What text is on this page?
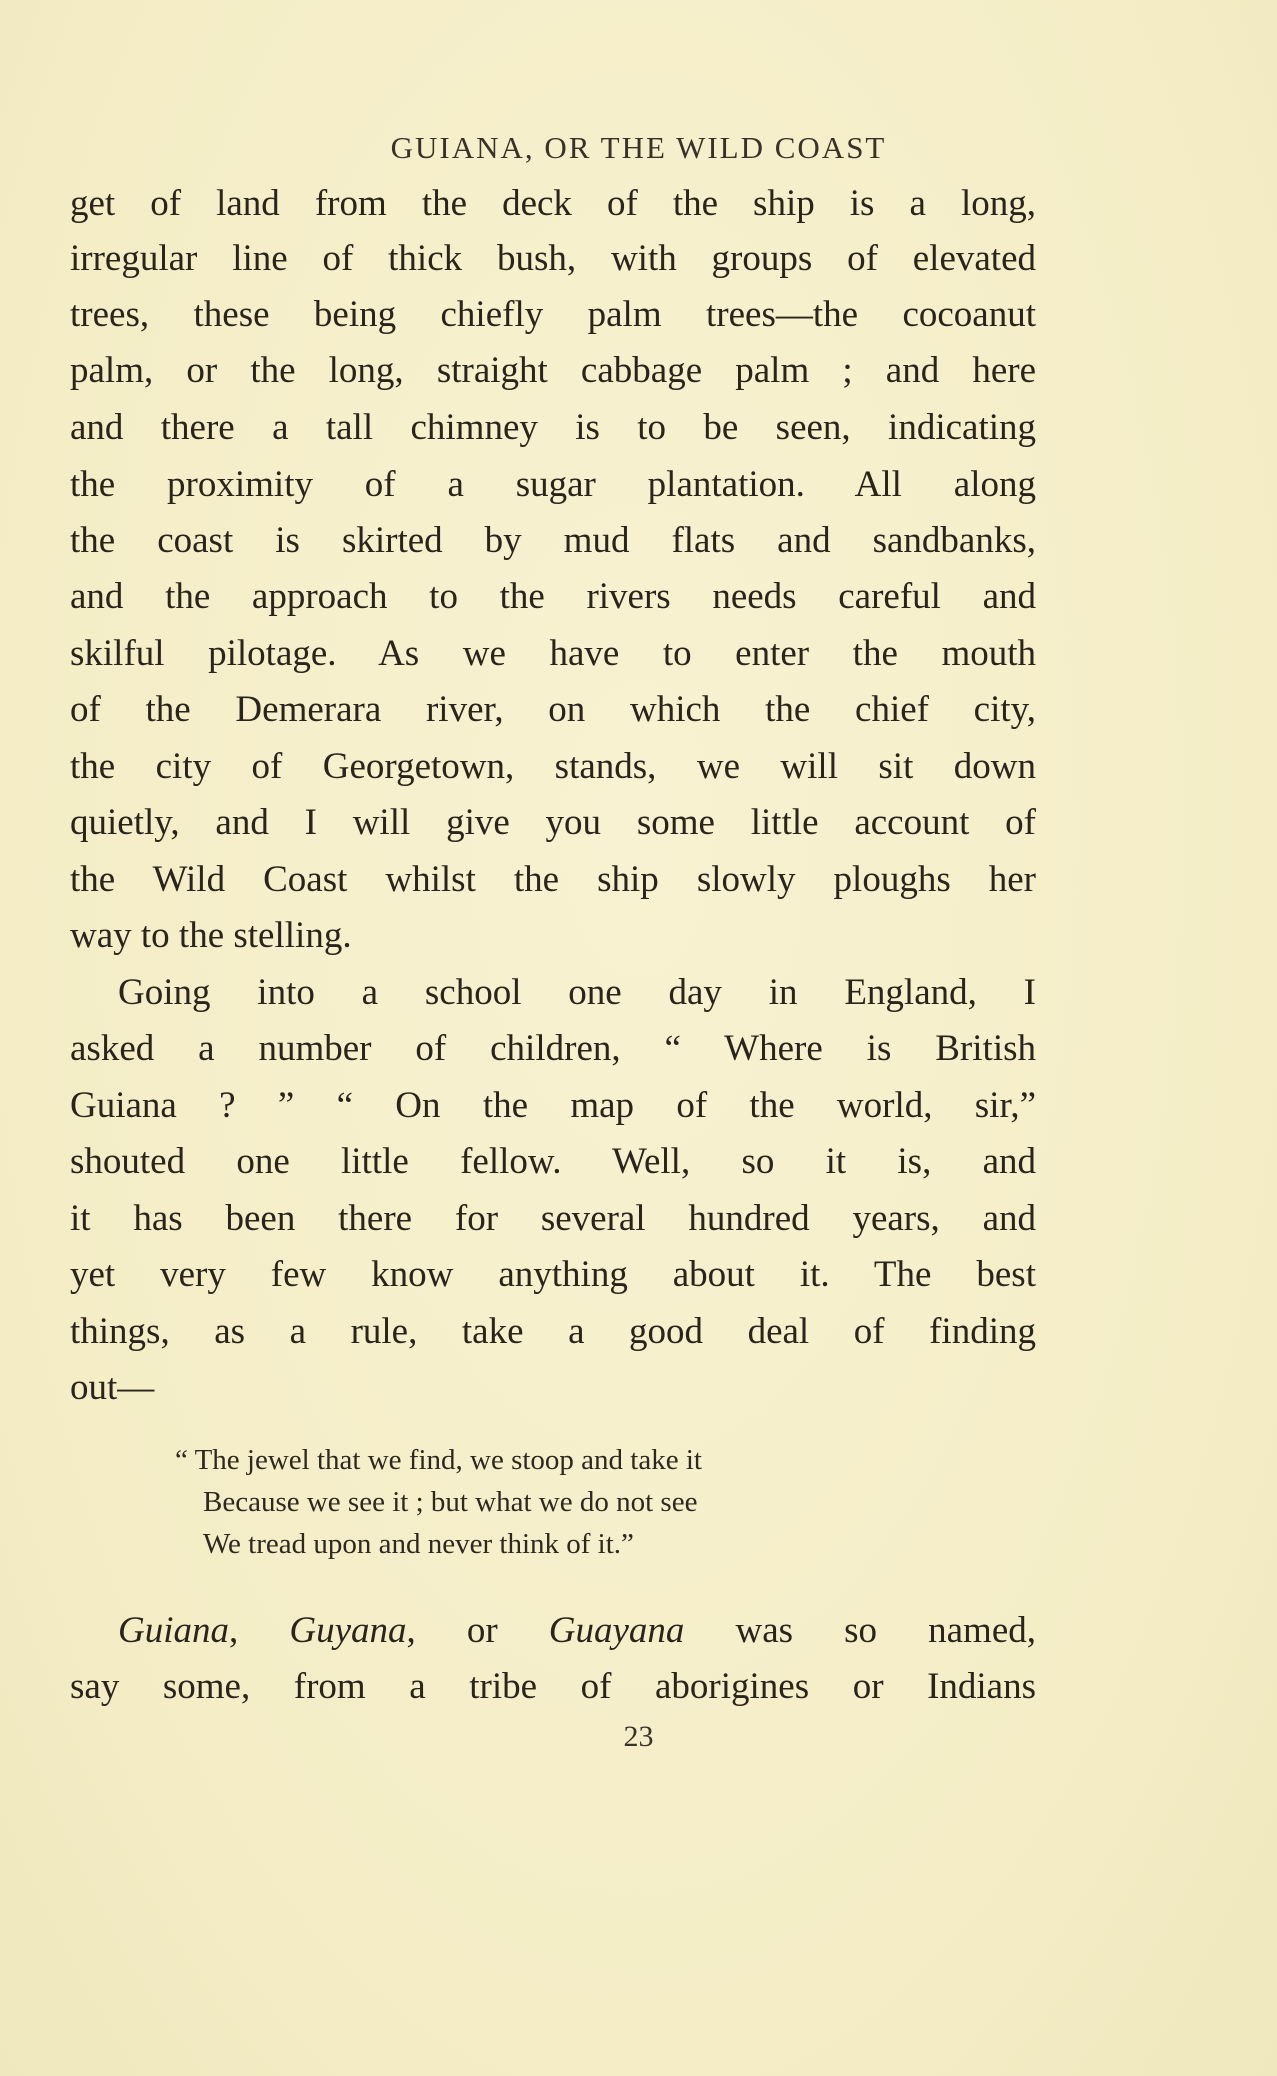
GUIANA, OR THE WILD COAST
get of land from the deck of the ship is a long,
irregular line of thick bush, with groups of elevated
trees, these being chiefly palm trees—the cocoanut
palm, or the long, straight cabbage palm ; and here
and there a tall chimney is to be seen, indicating
the proximity of a sugar plantation. All along
the coast is skirted by mud flats and sandbanks,
and the approach to the rivers needs careful and
skilful pilotage. As we have to enter the mouth
of the Demerara river, on which the chief city,
the city of Georgetown, stands, we will sit down
quietly, and I will give you some little account of
the Wild Coast whilst the ship slowly ploughs her
way to the stelling.
Going into a school one day in England, I
asked a number of children, “ Where is British
Guiana ? ” “ On the map of the world, sir,”
shouted one little fellow. Well, so it is, and
it has been there for several hundred years, and
yet very few know anything about it. The best
things, as a rule, take a good deal of finding
out—
“ The jewel that we find, we stoop and take it
Because we see it ; but what we do not see
We tread upon and never think of it.”
Guiana, Guyana, or Guayana was so named,
say some, from a tribe of aborigines or Indians
23
